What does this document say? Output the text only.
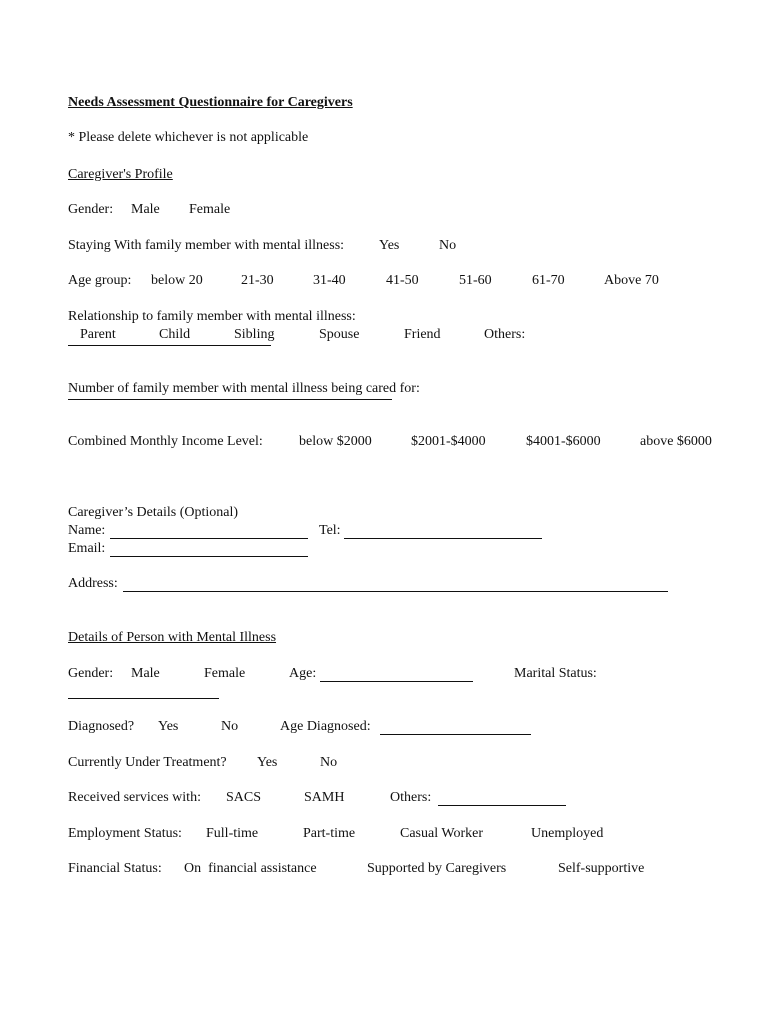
Needs Assessment Questionnaire for Caregivers
* Please delete whichever is not applicable
Caregiver's Profile
Gender: Male Female
Staying With family member with mental illness: Yes	No
Age group: below 20	21-30	31-40	41-50	51-60	61-70	Above 70
Relationship to family member with mental illness:
Parent	Child	Sibling	Spouse	Friend	Others:
Number of family member with mental illness being cared for:
Combined Monthly Income Level:	below $2000	$2001-$4000	$4001-$6000	above $6000
Caregiver’s Details (Optional)
Name:	Tel:
Email:
Address:
Details of Person with Mental Illness
Gender: Male	Female	Age:	Marital Status:
Diagnosed? Yes	No	Age Diagnosed:
Currently Under Treatment? Yes	No
Received services with: SACS	SAMH	Others:
Employment Status: Full-time	Part-time	Casual Worker	Unemployed
Financial Status: On  financial assistance	Supported by Caregivers	Self-supportive
